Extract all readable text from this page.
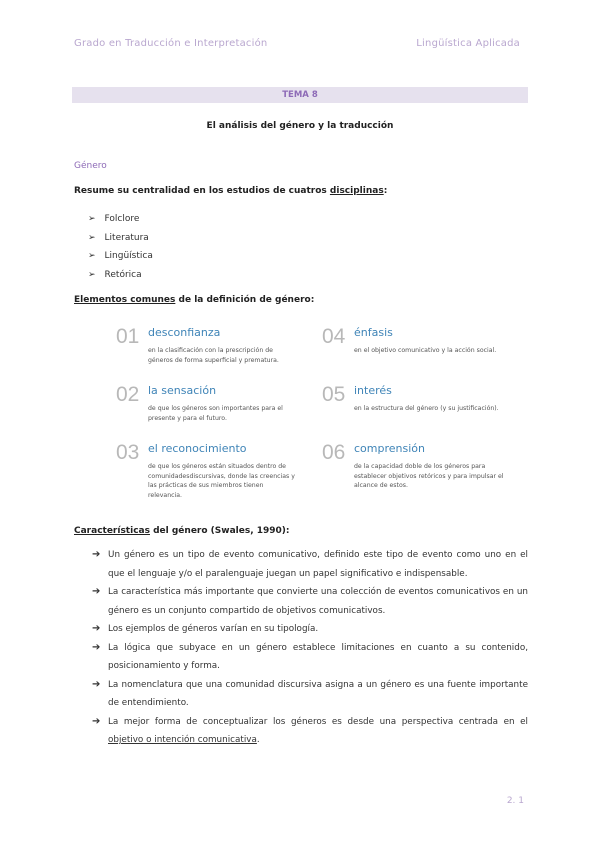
Grado en Traducción e Interpretación	Lingüística Aplicada
TEMA 8
El análisis del género y la traducción
Género
Resume su centralidad en los estudios de cuatros disciplinas:
➢ Folclore
➢ Literatura
➢ Lingüística
➢ Retórica
Elementos comunes de la definición de género:
01 desconfianza
en la clasificación con la prescripción de géneros de forma superficial y prematura.
02 la sensación
de que los géneros son importantes para el presente y para el futuro.
03 el reconocimiento
de que los géneros están situados dentro de comunidadesdiscursivas, donde las creencias y las prácticas de sus miembros tienen relevancia.
04 énfasis
en el objetivo comunicativo y la acción social.
05 interés
en la estructura del género (y su justificación).
06 comprensión
de la capacidad doble de los géneros para establecer objetivos retóricos y para impulsar el alcance de estos.
Características del género (Swales, 1990):
➔ Un género es un tipo de evento comunicativo, definido este tipo de evento como uno en el que el lenguaje y/o el paralenguaje juegan un papel significativo e indispensable.
➔ La característica más importante que convierte una colección de eventos comunicativos en un género es un conjunto compartido de objetivos comunicativos.
➔ Los ejemplos de géneros varían en su tipología.
➔ La lógica que subyace en un género establece limitaciones en cuanto a su contenido, posicionamiento y forma.
➔ La nomenclatura que una comunidad discursiva asigna a un género es una fuente importante de entendimiento.
➔ La mejor forma de conceptualizar los géneros es desde una perspectiva centrada en el objetivo o intención comunicativa.
2. 1
